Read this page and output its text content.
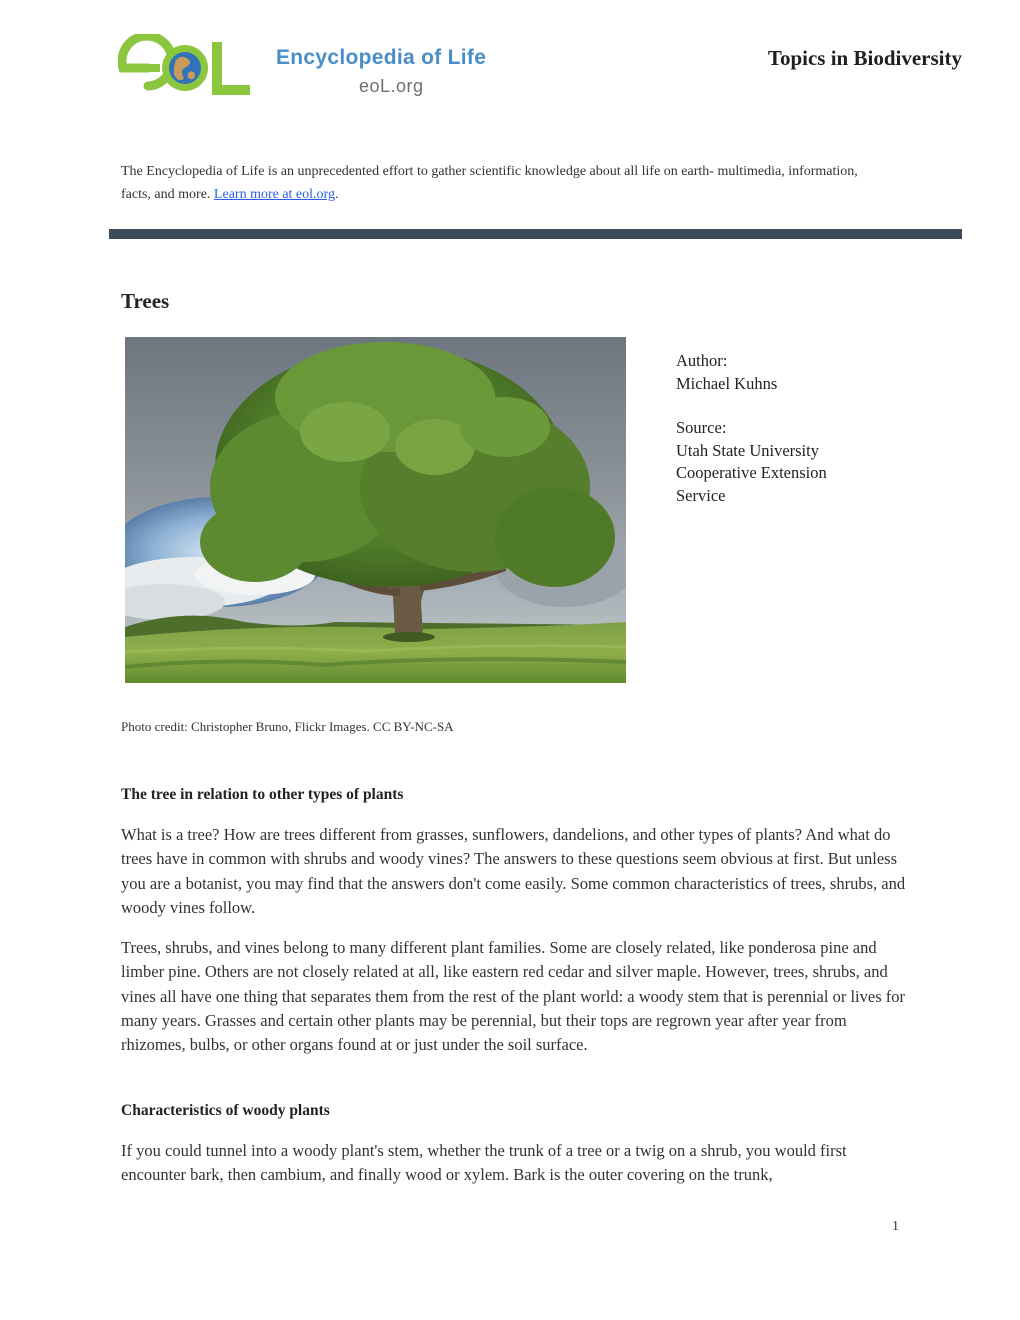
Encyclopedia of Life
eoL.org
Topics in Biodiversity
The Encyclopedia of Life is an unprecedented effort to gather scientific knowledge about all life on earth- multimedia, information, facts, and more. Learn more at eol.org.
Trees
Author:
Michael Kuhns
Source:
Utah State University
Cooperative Extension
Service
Photo credit: Christopher Bruno, Flickr Images. CC BY-NC-SA
The tree in relation to other types of plants
What is a tree? How are trees different from grasses, sunflowers, dandelions, and other types of plants? And what do trees have in common with shrubs and woody vines? The answers to these questions seem obvious at first. But unless you are a botanist, you may find that the answers don't come easily. Some common characteristics of trees, shrubs, and woody vines follow.
Trees, shrubs, and vines belong to many different plant families. Some are closely related, like ponderosa pine and limber pine. Others are not closely related at all, like eastern red cedar and silver maple. However, trees, shrubs, and vines all have one thing that separates them from the rest of the plant world: a woody stem that is perennial or lives for many years. Grasses and certain other plants may be perennial, but their tops are regrown year after year from rhizomes, bulbs, or other organs found at or just under the soil surface.
Characteristics of woody plants
If you could tunnel into a woody plant's stem, whether the trunk of a tree or a twig on a shrub, you would first encounter bark, then cambium, and finally wood or xylem. Bark is the outer covering on the trunk,
1
